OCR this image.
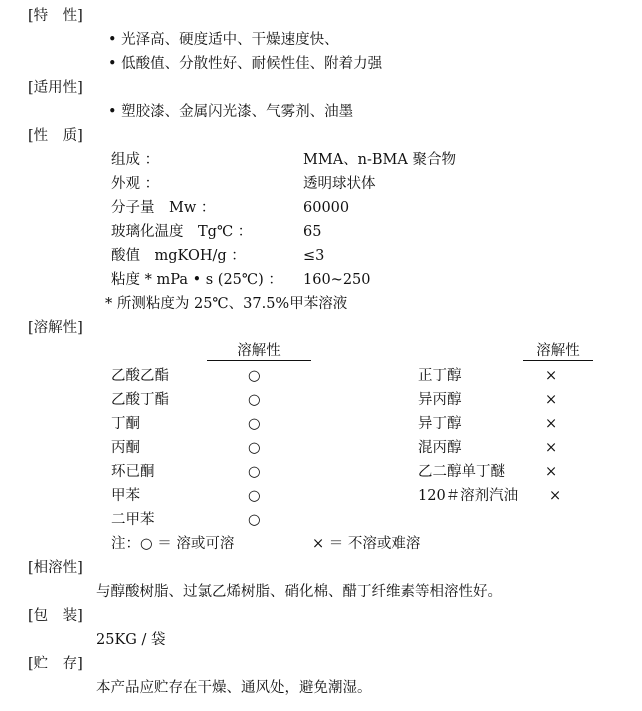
[特　性]
• 光泽高、硬度适中、干燥速度快、
• 低酸值、分散性好、耐候性佳、附着力强
[适用性]
• 塑胶漆、金属闪光漆、气雾剂、油墨
[性　质]
组成 ：	MMA、n-BMA 聚合物
外观 ：	透明球状体
分子量　Mw ：	60000
玻璃化温度　Tg℃ ：	65
酸值　mgKOH/g ：	≤3
粘度 * mPa • s (25℃) ： 160~250
* 所测粘度为 25℃、37.5%甲苯溶液
[溶解性]
溶解性	溶解性
乙酸乙酯	○
乙酸丁酯	○
丁酮	○
丙酮	○
环已酮	○
甲苯	○
二甲苯	○
正丁醇	×
异丙醇	×
异丁醇	×
混丙醇	×
乙二醇单丁醚	×
120＃溶剂汽油 ×
注：○ ＝ 溶或可溶	× ＝ 不溶或难溶
[相溶性]
与醇酸树脂、过氯乙烯树脂、硝化棉、醋丁纤维素等相溶性好。
[包　装]
25KG / 袋
[贮　存]
本产品应贮存在干燥、通风处，避免潮湿。
